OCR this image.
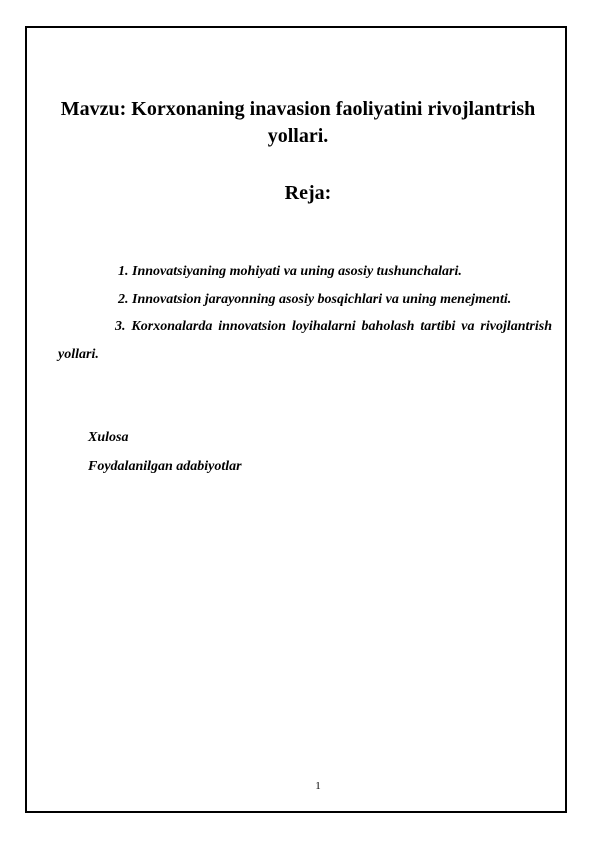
Mavzu: Korxonaning inavasion faoliyatini rivojlantrish yollari.
Reja:

1. Innovatsiyaning mohiyati va uning asosiy tushunchalari.

2. Innovatsion jarayonning asosiy bosqichlari va uning menejmenti.

3. Korxonalarda innovatsion loyihalarni baholash tartibi va rivojlantrish yollari.

Xulosa
Foydalanilgan adabiyotlar
1
